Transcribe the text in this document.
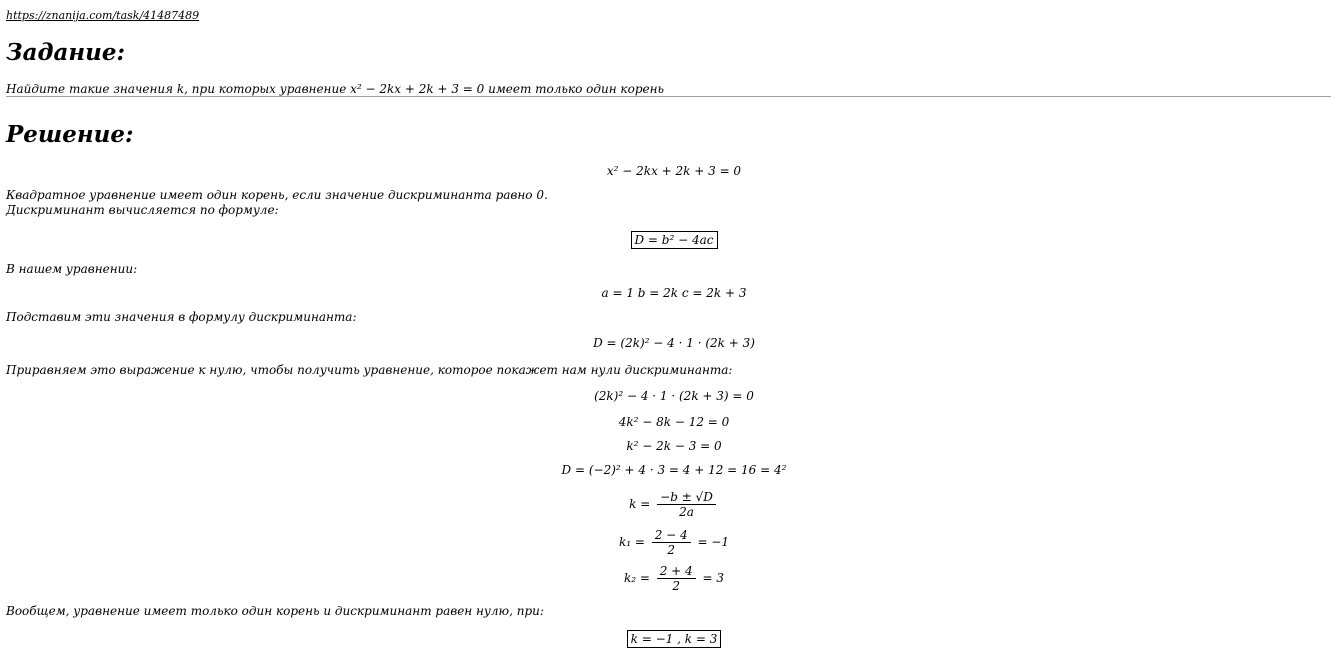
https://znanija.com/task/41487489
Задание:
Найдите такие значения k, при которых уравнение x² − 2kx + 2k + 3 = 0 имеет только один корень
Решение:
x² − 2kx + 2k + 3 = 0
Квадратное уравнение имеет один корень, если значение дискриминанта равно 0.
Дискриминант вычисляется по формуле:
D = b² − 4ac
В нашем уравнении:
a = 1 b = 2k c = 2k + 3
Подставим эти значения в формулу дискриминанта:
D = (2k)² − 4 · 1 · (2k + 3)
Приравняем это выражение к нулю, чтобы получить уравнение, которое покажет нам нули дискриминанта:
(2k)² − 4 · 1 · (2k + 3) = 0
4k² − 8k − 12 = 0
k² − 2k − 3 = 0
D = (−2)² + 4 · 3 = 4 + 12 = 16 = 4²
$k = \frac{-b \pm √D}{2a}$
$k_1 = \frac{2 - 4}{2} = -1$
$k_2 = \frac{2 + 4}{2} = 3$
Вообщем, уравнение имеет только один корень и дискриминант равен нулю, при:
k = −1 , k = 3
